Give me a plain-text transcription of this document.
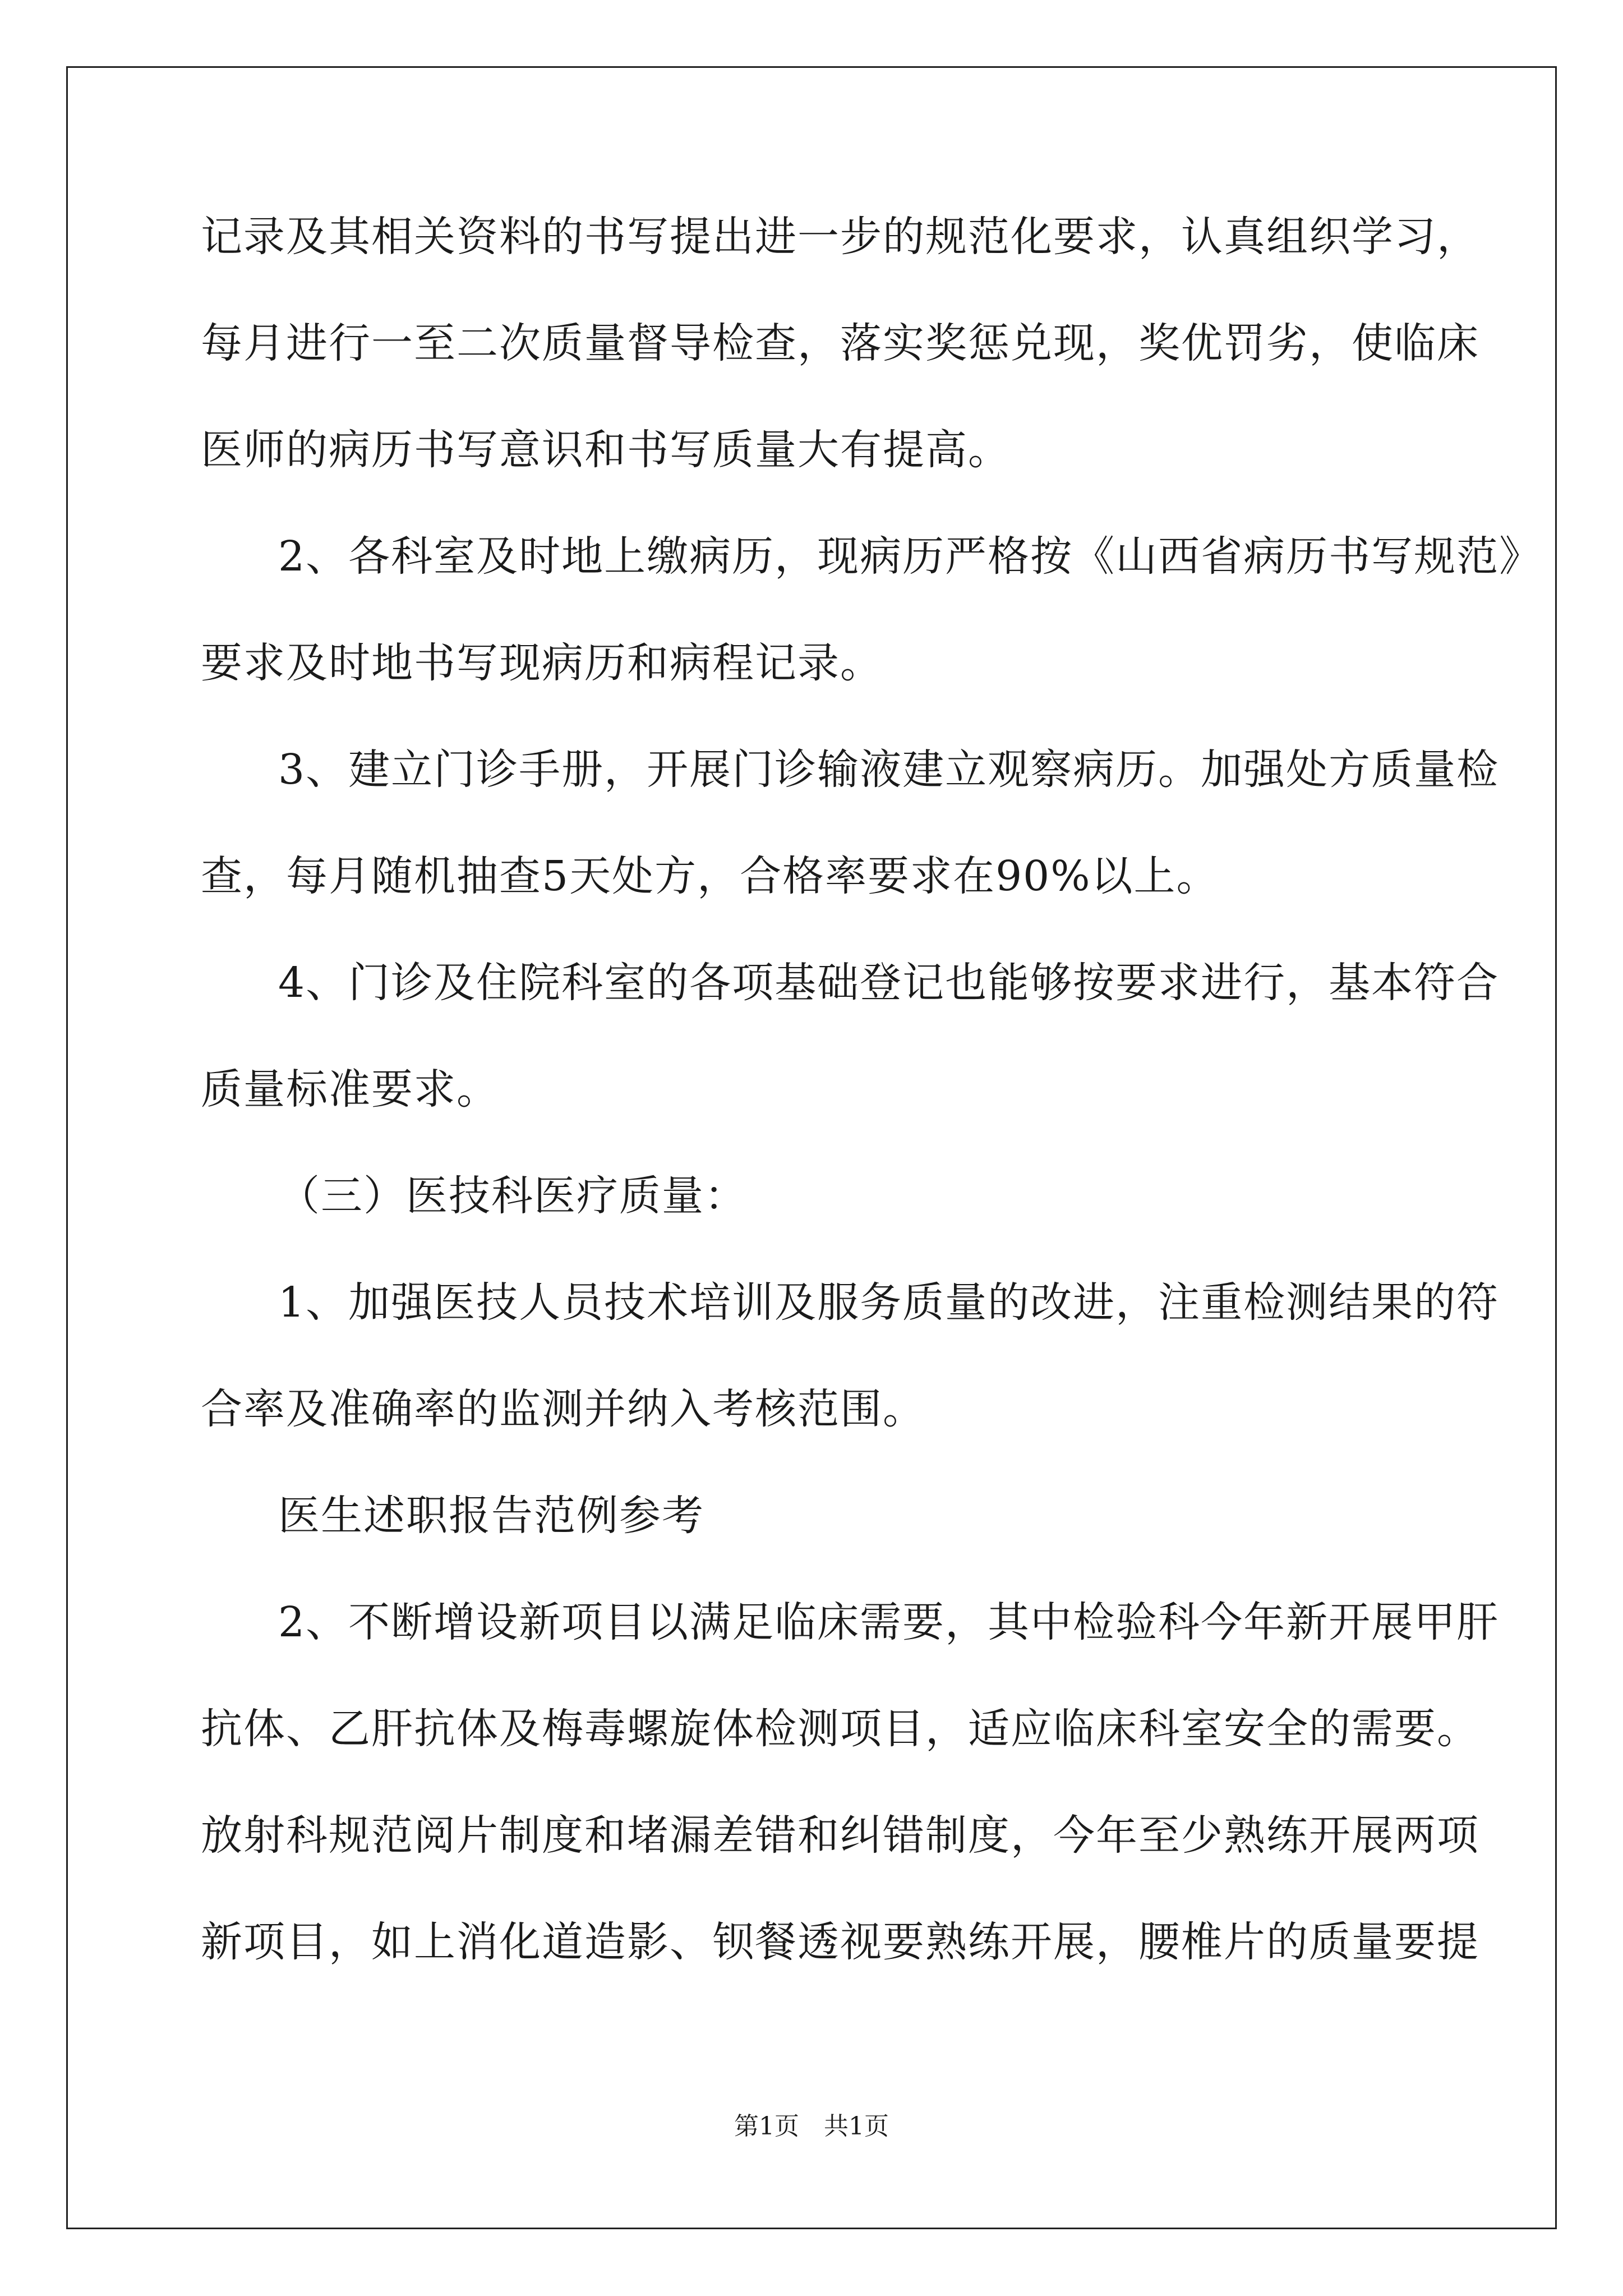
记录及其相关资料的书写提出进一步的规范化要求，认真组织学习，
每月进行一至二次质量督导检查，落实奖惩兑现，奖优罚劣，使临床
医师的病历书写意识和书写质量大有提高。
2、各科室及时地上缴病历，现病历严格按《山西省病历书写规范》
要求及时地书写现病历和病程记录。
3、建立门诊手册，开展门诊输液建立观察病历。加强处方质量检
查，每月随机抽查5天处方，合格率要求在90%以上。
4、门诊及住院科室的各项基础登记也能够按要求进行，基本符合
质量标准要求。
（三）医技科医疗质量：
1、加强医技人员技术培训及服务质量的改进，注重检测结果的符
合率及准确率的监测并纳入考核范围。
医生述职报告范例参考
2、不断增设新项目以满足临床需要，其中检验科今年新开展甲肝
抗体、乙肝抗体及梅毒螺旋体检测项目，适应临床科室安全的需要。
放射科规范阅片制度和堵漏差错和纠错制度，今年至少熟练开展两项
新项目，如上消化道造影、钡餐透视要熟练开展，腰椎片的质量要提
第1页　共1页
